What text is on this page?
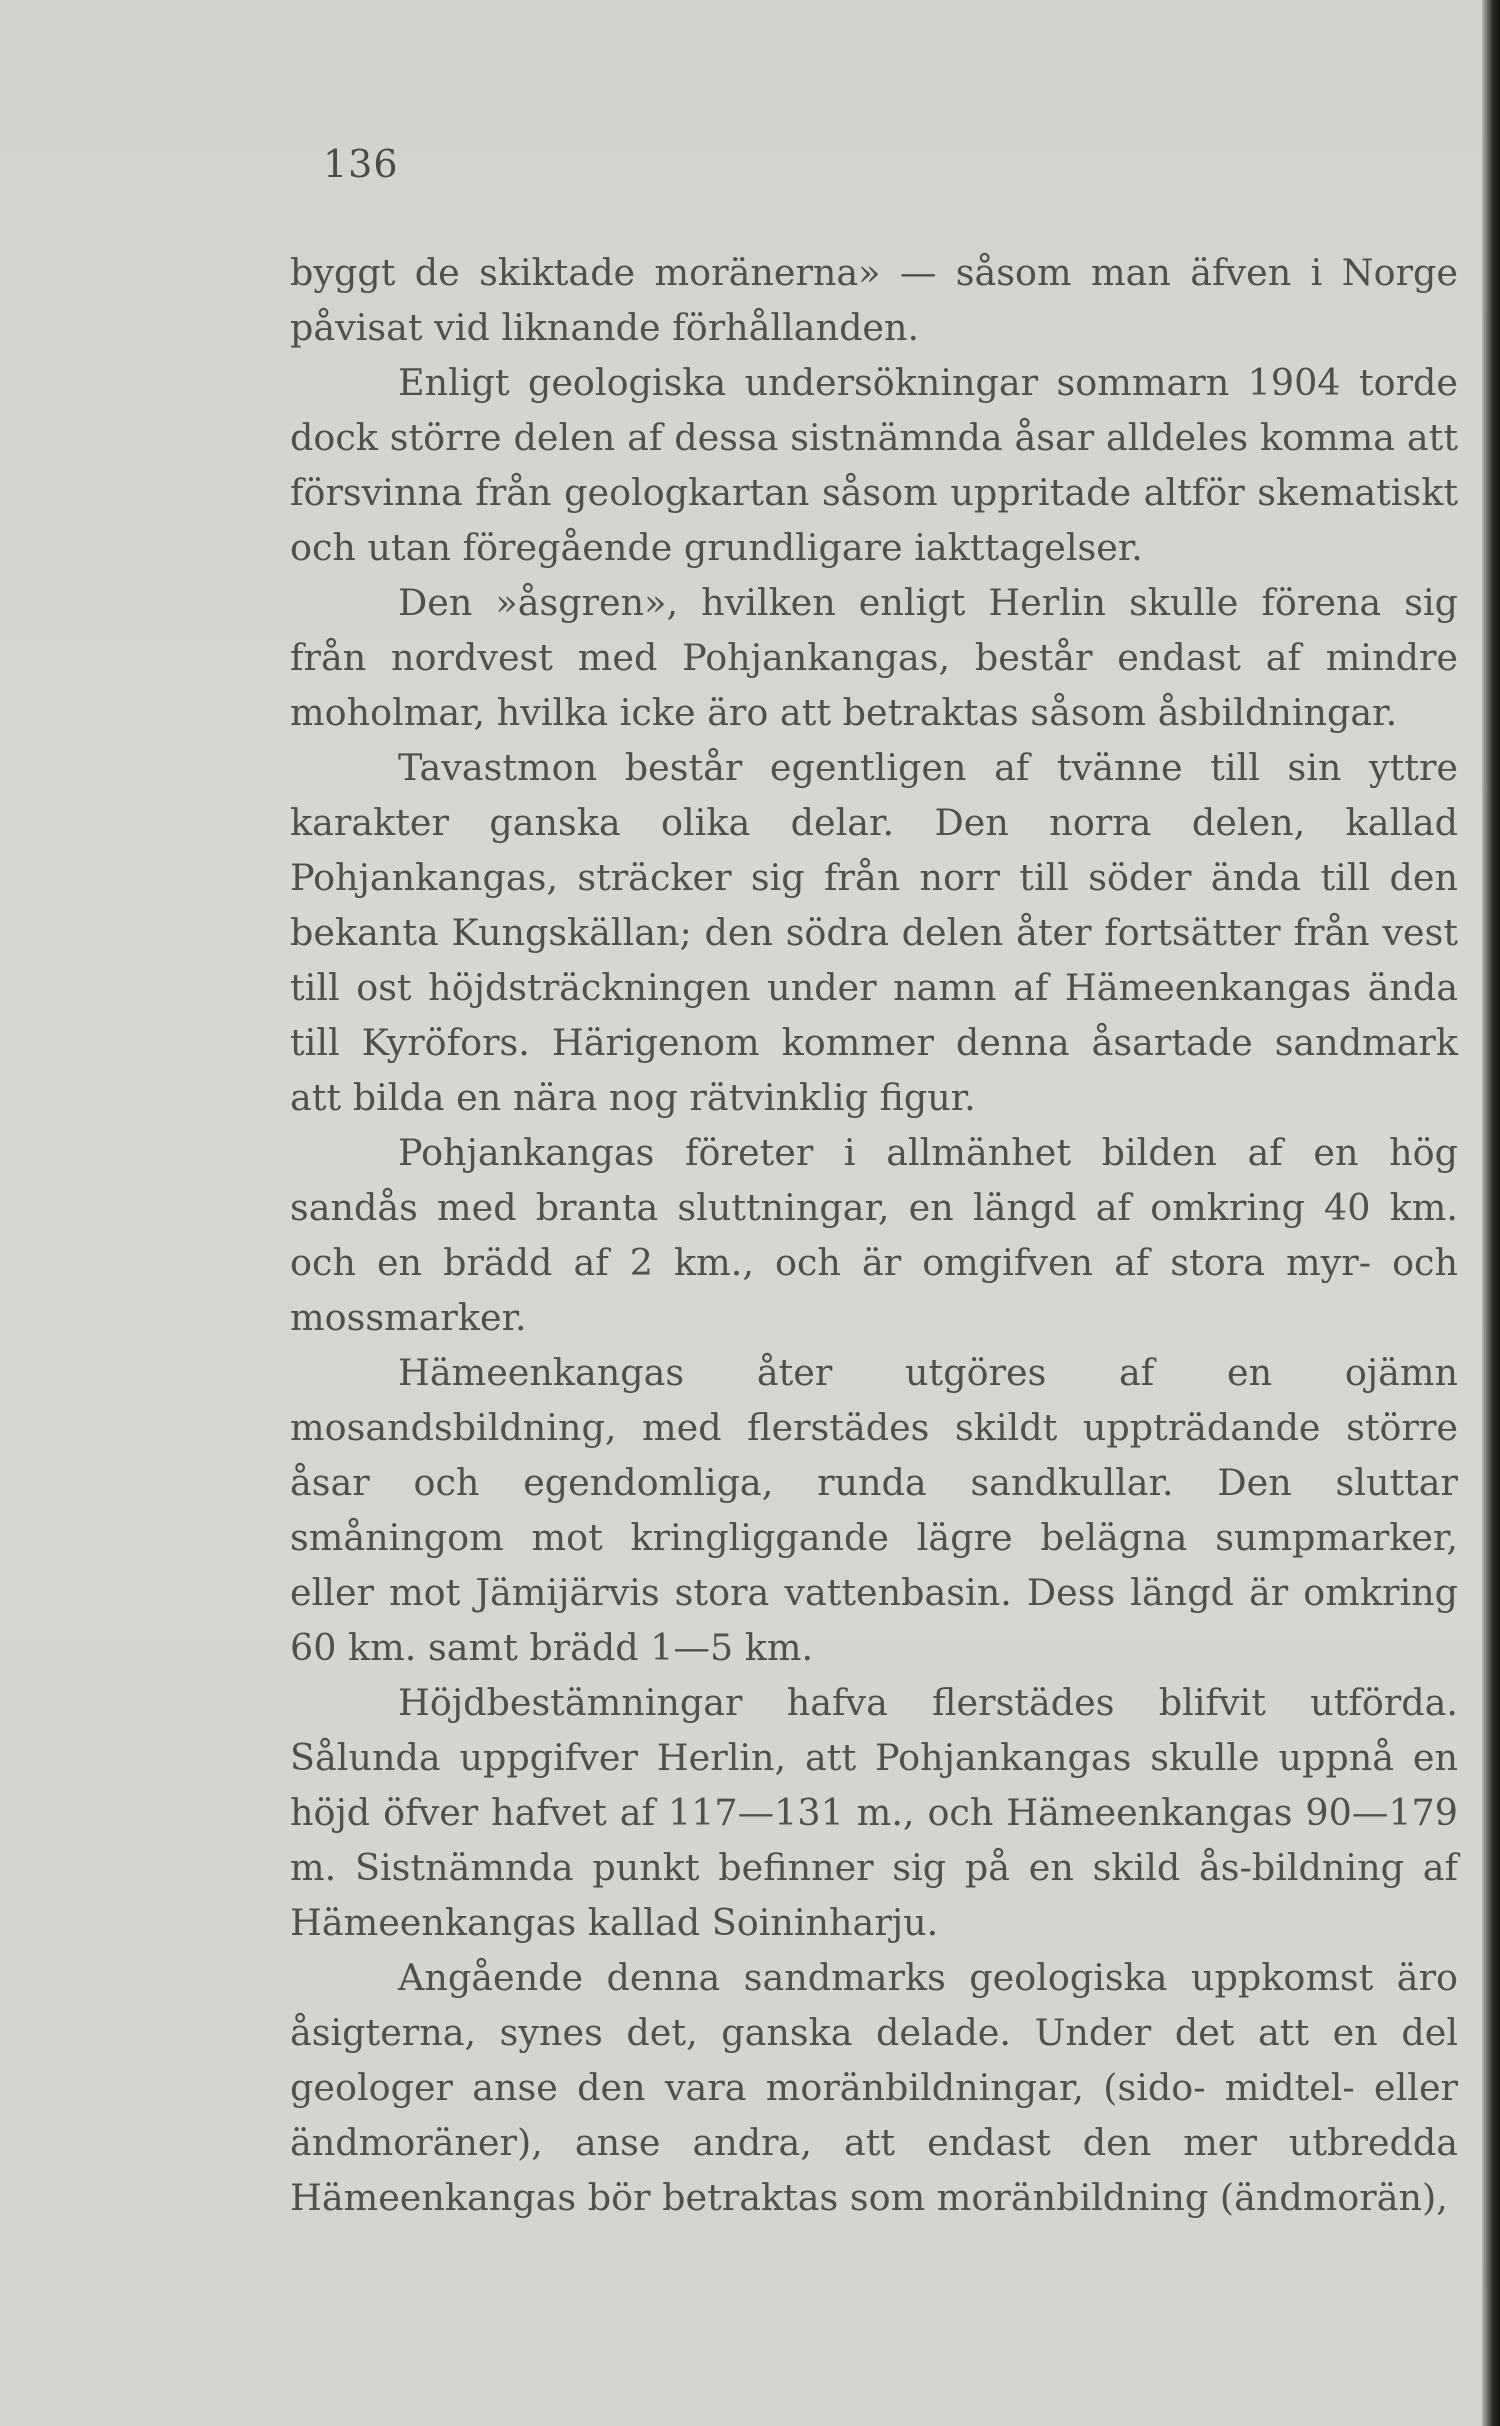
136

byggt de skiktade moränerna» — såsom man äfven i Norge påvisat vid liknande förhållanden.

Enligt geologiska undersökningar sommarn 1904 torde dock större delen af dessa sistnämnda åsar alldeles komma att försvinna från geologkartan såsom uppritade altför skematiskt och utan föregående grundligare iakttagelser.

Den »åsgren», hvilken enligt Herlin skulle förena sig från nordvest med Pohjankangas, består endast af mindre moholmar, hvilka icke äro att betraktas såsom åsbildningar.

Tavastmon består egentligen af tvänne till sin yttre karakter ganska olika delar. Den norra delen, kallad Pohjankangas, sträcker sig från norr till söder ända till den bekanta Kungskällan; den södra delen åter fortsätter från vest till ost höjdsträckningen under namn af Hämeenkangas ända till Kyröfors. Härigenom kommer denna åsartade sandmark att bilda en nära nog rätvinklig figur.

Pohjankangas företer i allmänhet bilden af en hög sandås med branta sluttningar, en längd af omkring 40 km. och en brädd af 2 km., och är omgifven af stora myr- och mossmarker.

Hämeenkangas åter utgöres af en ojämn mosandsbildning, med flerstädes skildt uppträdande större åsar och egendomliga, runda sandkullar. Den sluttar småningom mot kringliggande lägre belägna sumpmarker, eller mot Jämijärvis stora vattenbasin. Dess längd är omkring 60 km. samt brädd 1—5 km.

Höjdbestämningar hafva flerstädes blifvit utförda. Sålunda uppgifver Herlin, att Pohjankangas skulle uppnå en höjd öfver hafvet af 117—131 m., och Hämeenkangas 90—179 m. Sistnämnda punkt befinner sig på en skild ås-bildning af Hämeenkangas kallad Soininharju.

Angående denna sandmarks geologiska uppkomst äro åsigterna, synes det, ganska delade. Under det att en del geologer anse den vara moränbildningar, (sido- midtel- eller ändmoräner), anse andra, att endast den mer utbredda Hämeenkangas bör betraktas som moränbildning (ändmorän),
